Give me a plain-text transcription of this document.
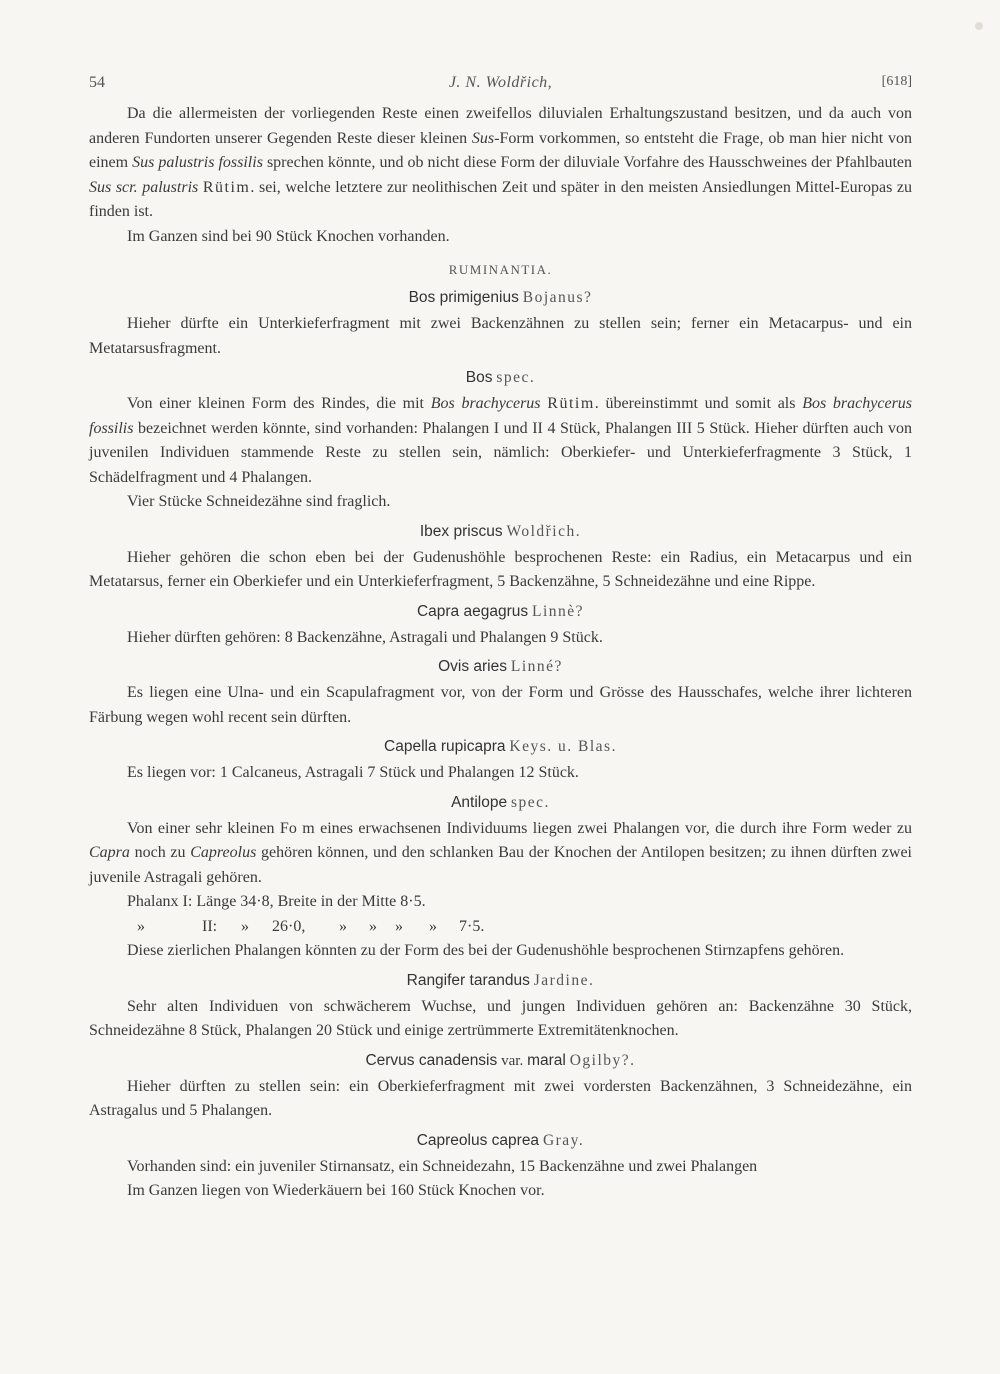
54	J. N. Woldřich,	[618]

Da die allermeisten der vorliegenden Reste einen zweifellos diluvialen Erhaltungszustand besitzen, und da auch von anderen Fundorten unserer Gegenden Reste dieser kleinen Sus-Form vorkommen, so entsteht die Frage, ob man hier nicht von einem Sus palustris fossilis sprechen könnte, und ob nicht diese Form der diluviale Vorfahre des Hausschweines der Pfahlbauten Sus scr. palustris Rütim. sei, welche letztere zur neolithischen Zeit und später in den meisten Ansiedlungen Mittel-Europas zu finden ist.

Im Ganzen sind bei 90 Stück Knochen vorhanden.

RUMINANTIA.
Bos primigenius Bojanus?

Hieher dürfte ein Unterkieferfragment mit zwei Backenzähnen zu stellen sein; ferner ein Metacarpus- und ein Metatarsusfragment.

Bos spec.

Von einer kleinen Form des Rindes, die mit Bos brachycerus Rütim. übereinstimmt und somit als Bos brachycerus fossilis bezeichnet werden könnte, sind vorhanden: Phalangen I und II 4 Stück, Phalangen III 5 Stück. Hieher dürften auch von juvenilen Individuen stammende Reste zu stellen sein, nämlich: Oberkiefer- und Unterkieferfragmente 3 Stück, 1 Schädelfragment und 4 Phalangen.

Vier Stücke Schneidezähne sind fraglich.

Ibex priscus Woldřich.

Hieher gehören die schon eben bei der Gudenushöhle besprochenen Reste: ein Radius, ein Metacarpus und ein Metatarsus, ferner ein Oberkiefer und ein Unterkieferfragment, 5 Backenzähne, 5 Schneidezähne und eine Rippe.

Capra aegagrus Linnè?

Hieher dürften gehören: 8 Backenzähne, Astragali und Phalangen 9 Stück.

Ovis aries Linné?

Es liegen eine Ulna- und ein Scapulafragment vor, von der Form und Grösse des Hausschafes, welche ihrer lichteren Färbung wegen wohl recent sein dürften.

Capella rupicapra Keys. u. Blas.

Es liegen vor: 1 Calcaneus, Astragali 7 Stück und Phalangen 12 Stück.

Antilope spec.

Von einer sehr kleinen Fo m eines erwachsenen Individuums liegen zwei Phalangen vor, die durch ihre Form weder zu Capra noch zu Capreolus gehören können, und den schlanken Bau der Knochen der Antilopen besitzen; zu ihnen dürften zwei juvenile Astragali gehören.

Phalanx I: Länge 34·8, Breite in der Mitte 8·5.
»	II: » 26·0, » » » » 7·5.

Diese zierlichen Phalangen könnten zu der Form des bei der Gudenushöhle besprochenen Stirnzapfens gehören.

Rangifer tarandus Jardine.

Sehr alten Individuen von schwächerem Wuchse, und jungen Individuen gehören an: Backenzähne 30 Stück, Schneidezähne 8 Stück, Phalangen 20 Stück und einige zertrümmerte Extremitätenknochen.

Cervus canadensis var. maral Ogilby?.

Hieher dürften zu stellen sein: ein Oberkieferfragment mit zwei vordersten Backenzähnen, 3 Schneidezähne, ein Astragalus und 5 Phalangen.

Capreolus caprea Gray.

Vorhanden sind: ein juveniler Stirnansatz, ein Schneidezahn, 15 Backenzähne und zwei Phalangen

Im Ganzen liegen von Wiederkäuern bei 160 Stück Knochen vor.
